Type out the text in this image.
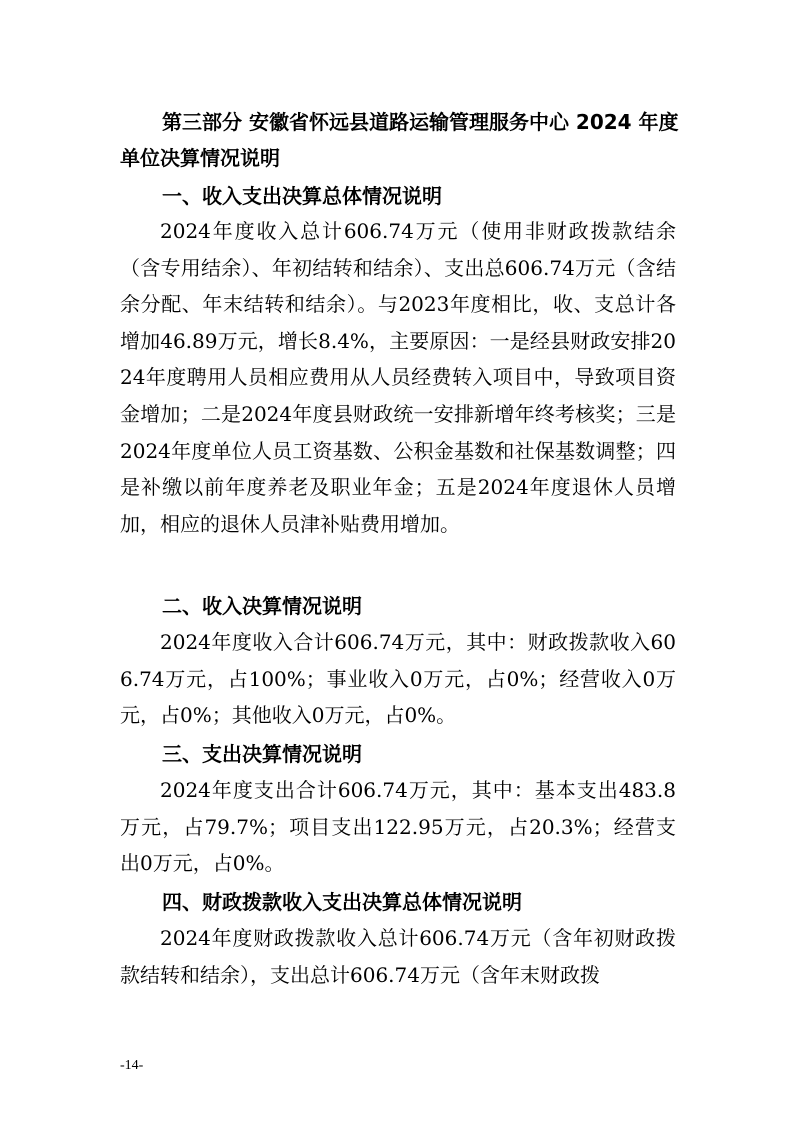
第三部分 安徽省怀远县道路运输管理服务中心 2024 年度单位决算情况说明
一、收入支出决算总体情况说明

2024年度收入总计606.74万元（使用非财政拨款结余（含专用结余）、年初结转和结余）、支出总606.74万元（含结余分配、年末结转和结余）。与2023年度相比，收、支总计各增加46.89万元，增长8.4%，主要原因：一是经县财政安排2024年度聘用人员相应费用从人员经费转入项目中，导致项目资金增加；二是2024年度县财政统一安排新增年终考核奖；三是2024年度单位人员工资基数、公积金基数和社保基数调整；四是补缴以前年度养老及职业年金；五是2024年度退休人员增加，相应的退休人员津补贴费用增加。

二、收入决算情况说明

2024年度收入合计606.74万元，其中：财政拨款收入606.74万元，占100%；事业收入0万元，占0%；经营收入0万元，占0%；其他收入0万元，占0%。

三、支出决算情况说明

2024年度支出合计606.74万元，其中：基本支出483.8万元，占79.7%；项目支出122.95万元，占20.3%；经营支出0万元，占0%。

四、财政拨款收入支出决算总体情况说明

2024年度财政拨款收入总计606.74万元（含年初财政拨款结转和结余），支出总计606.74万元（含年末财政拨

-14-
